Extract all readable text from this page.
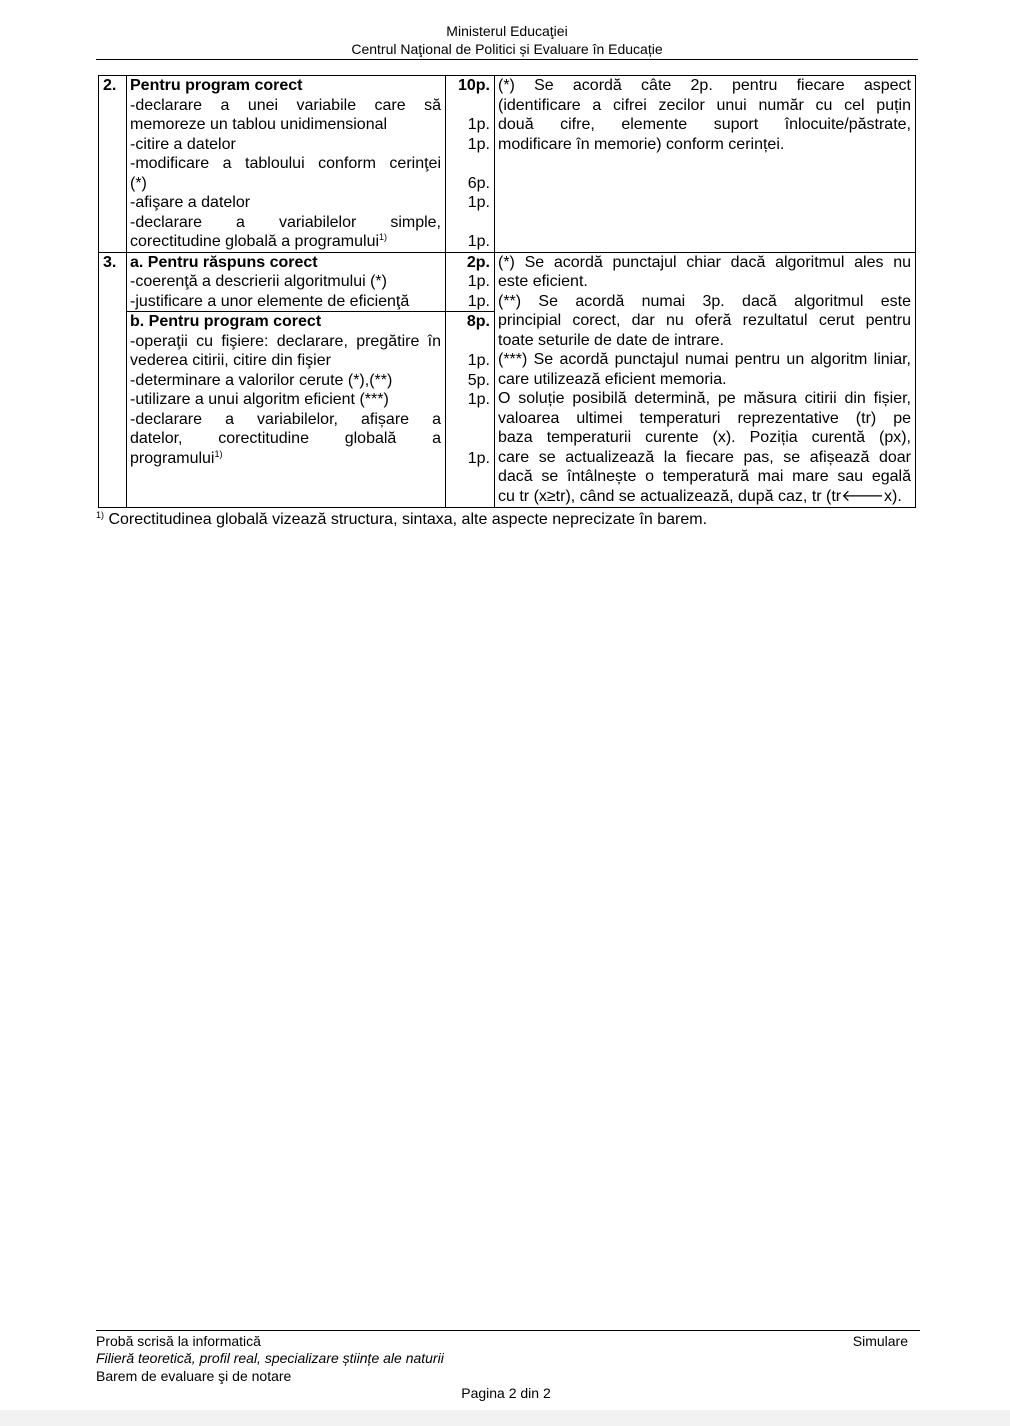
Ministerul Educaţiei
Centrul Naţional de Politici și Evaluare în Educație
2. Pentru program corect
-declarare a unei variabile care să
memoreze un tablou unidimensional
-citire a datelor
-modificare a tabloului conform cerinţei
(*)
-afişare a datelor
-declarare a variabilelor simple,
corectitudine globală a programului$^{1)}$
10p.
1p.
1p.
6p.
1p.
1p.
(*) Se acordă câte 2p. pentru fiecare aspect
(identificare a cifrei zecilor unui număr cu cel puțin
două cifre, elemente suport înlocuite/păstrate,
modificare în memorie) conform cerinței.
3. a. Pentru răspuns corect
-coerenţă a descrierii algoritmului (*)
-justificare a unor elemente de eficienţă
2p.
1p.
1p.
b. Pentru program corect
-operaţii cu fişiere: declarare, pregătire în
vederea citirii, citire din fişier
-determinare a valorilor cerute (*),(**)
-utilizare a unui algoritm eficient (***)
-declarare a variabilelor, afișare a
datelor, corectitudine globală a
programului$^{1)}$
8p.
1p.
5p.
1p.
1p.
(*) Se acordă punctajul chiar dacă algoritmul ales nu
este eficient.
(**) Se acordă numai 3p. dacă algoritmul este
principial corect, dar nu oferă rezultatul cerut pentru
toate seturile de date de intrare.
(***) Se acordă punctajul numai pentru un algoritm liniar,
care utilizează eficient memoria.
O soluție posibilă determină, pe măsura citirii din fișier,
valoarea ultimei temperaturi reprezentative (tr) pe
baza temperaturii curente (x). Poziția curentă (px),
care se actualizează la fiecare pas, se afișează doar
dacă se întâlnește o temperatură mai mare sau egală
cu tr (x≥tr), când se actualizează, după caz, tr (tr🡐x).
$^{1)}$ Corectitudinea globală vizează structura, sintaxa, alte aspecte neprecizate în barem.
Probă scrisă la informatică
Filieră teoretică, profil real, specializare științe ale naturii
Barem de evaluare şi de notare
Simulare
Pagina 2 din 2
